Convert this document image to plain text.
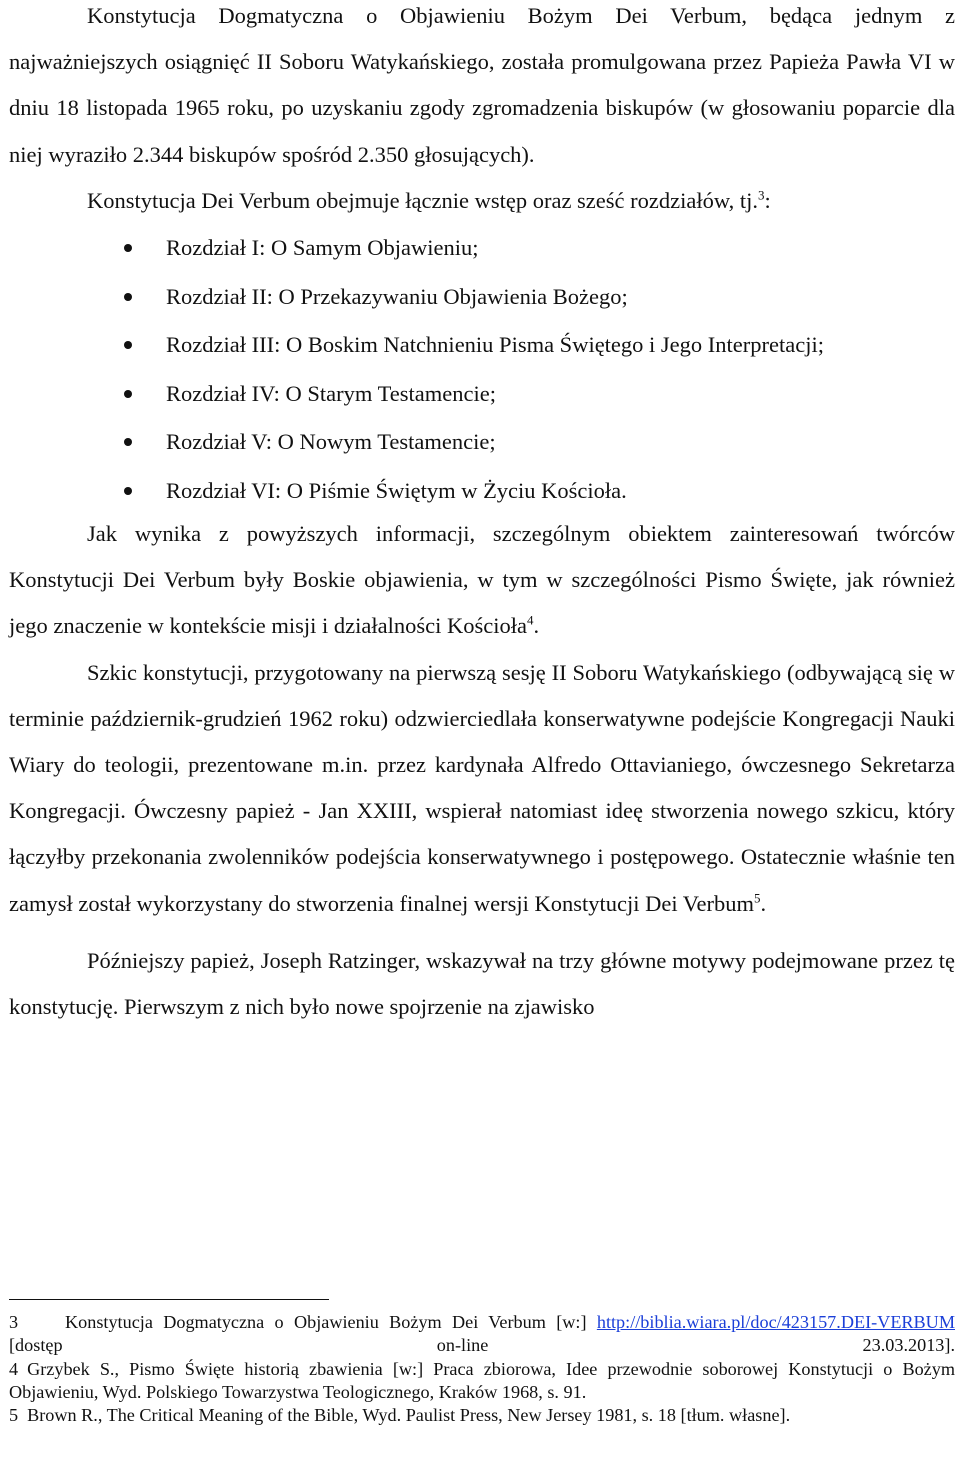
Konstytucja Dogmatyczna o Objawieniu Bożym Dei Verbum, będąca jednym z najważniejszych osiągnięć II Soboru Watykańskiego, została promulgowana przez Papieża Pawła VI w dniu 18 listopada 1965 roku, po uzyskaniu zgody zgromadzenia biskupów (w głosowaniu poparcie dla niej wyraziło 2.344 biskupów spośród 2.350 głosujących).

Konstytucja Dei Verbum obejmuje łącznie wstęp oraz sześć rozdziałów, tj.$^3$:

Rozdział I: O Samym Objawieniu;
Rozdział II: O Przekazywaniu Objawienia Bożego;
Rozdział III: O Boskim Natchnieniu Pisma Świętego i Jego Interpretacji;
Rozdział IV: O Starym Testamencie;
Rozdział V: O Nowym Testamencie;
Rozdział VI: O Piśmie Świętym w Życiu Kościoła.

Jak wynika z powyższych informacji, szczególnym obiektem zainteresowań twórców Konstytucji Dei Verbum były Boskie objawienia, w tym w szczególności Pismo Święte, jak również jego znaczenie w kontekście misji i działalności Kościoła$^4$.

Szkic konstytucji, przygotowany na pierwszą sesję II Soboru Watykańskiego (odbywającą się w terminie październik-grudzień 1962 roku) odzwierciedlała konserwatywne podejście Kongregacji Nauki Wiary do teologii, prezentowane m.in. przez kardynała Alfredo Ottavianiego, ówczesnego Sekretarza Kongregacji. Ówczesny papież - Jan XXIII, wspierał natomiast ideę stworzenia nowego szkicu, który łączyłby przekonania zwolenników podejścia konserwatywnego i postępowego. Ostatecznie właśnie ten zamysł został wykorzystany do stworzenia finalnej wersji Konstytucji Dei Verbum$^5$.

Późniejszy papież, Joseph Ratzinger, wskazywał na trzy główne motywy podejmowane przez tę konstytucję. Pierwszym z nich było nowe spojrzenie na zjawisko

3	Konstytucja Dogmatyczna o Objawieniu Bożym Dei Verbum [w:] http://biblia.wiara.pl/doc/423157.DEI-VERBUM [dostęp on-line 23.03.2013].

4 Grzybek S., Pismo Święte historią zbawienia [w:] Praca zbiorowa, Idee przewodnie soborowej Konstytucji o Bożym Objawieniu, Wyd. Polskiego Towarzystwa Teologicznego, Kraków 1968, s. 91.

5 Brown R., The Critical Meaning of the Bible, Wyd. Paulist Press, New Jersey 1981, s. 18 [tłum. własne].
